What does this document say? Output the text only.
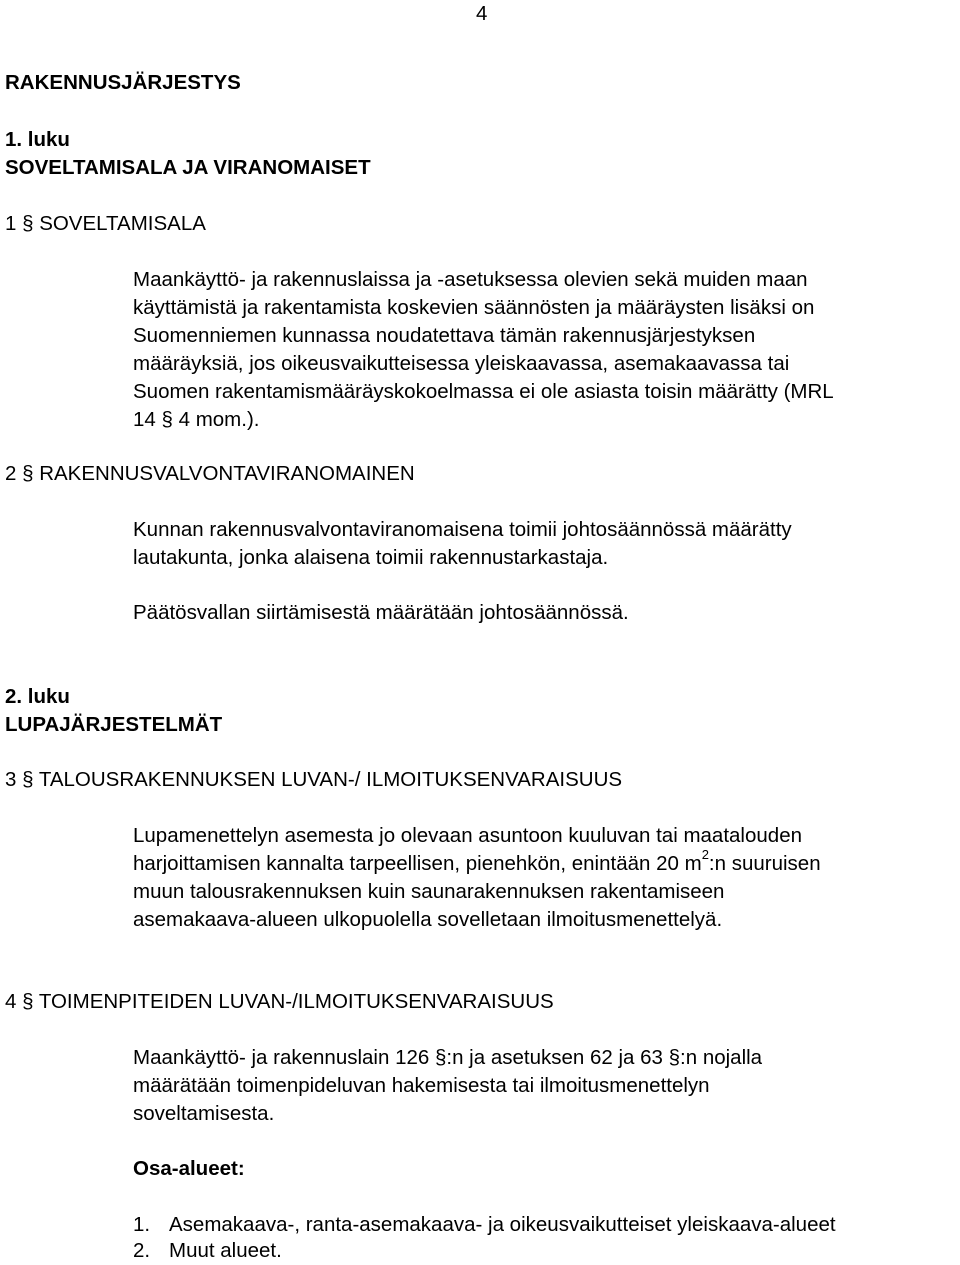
4
RAKENNUSJÄRJESTYS
1. luku
SOVELTAMISALA JA VIRANOMAISET
1 § SOVELTAMISALA
Maankäyttö- ja rakennuslaissa ja -asetuksessa olevien sekä muiden maan
käyttämistä ja rakentamista koskevien säännösten ja määräysten lisäksi on
Suomenniemen kunnassa noudatettava tämän rakennusjärjestyksen
määräyksiä, jos oikeusvaikutteisessa yleiskaavassa, asemakaavassa tai
Suomen rakentamismääräyskokoelmassa ei ole asiasta toisin määrätty (MRL
14 § 4 mom.).
2 § RAKENNUSVALVONTAVIRANOMAINEN
Kunnan rakennusvalvontaviranomaisena toimii johtosäännössä määrätty
lautakunta, jonka alaisena toimii rakennustarkastaja.
Päätösvallan siirtämisestä määrätään johtosäännössä.
2. luku
LUPAJÄRJESTELMÄT
3 § TALOUSRAKENNUKSEN LUVAN-/ ILMOITUKSENVARAISUUS
Lupamenettelyn asemesta jo olevaan asuntoon kuuluvan tai maatalouden
harjoittamisen kannalta tarpeellisen, pienehkön, enintään 20 $m^2:n$ suuruisen
muun talousrakennuksen kuin saunarakennuksen rakentamiseen
asemakaava-alueen ulkopuolella sovelletaan ilmoitusmenettelyä.
4 § TOIMENPITEIDEN LUVAN-/ILMOITUKSENVARAISUUS
Maankäyttö- ja rakennuslain 126 §:n ja asetuksen 62 ja 63 §:n nojalla
määrätään toimenpideluvan hakemisesta tai ilmoitusmenettelyn
soveltamisesta.
Osa-alueet:
1. Asemakaava-, ranta-asemakaava- ja oikeusvaikutteiset yleiskaava-alueet
2. Muut alueet.
